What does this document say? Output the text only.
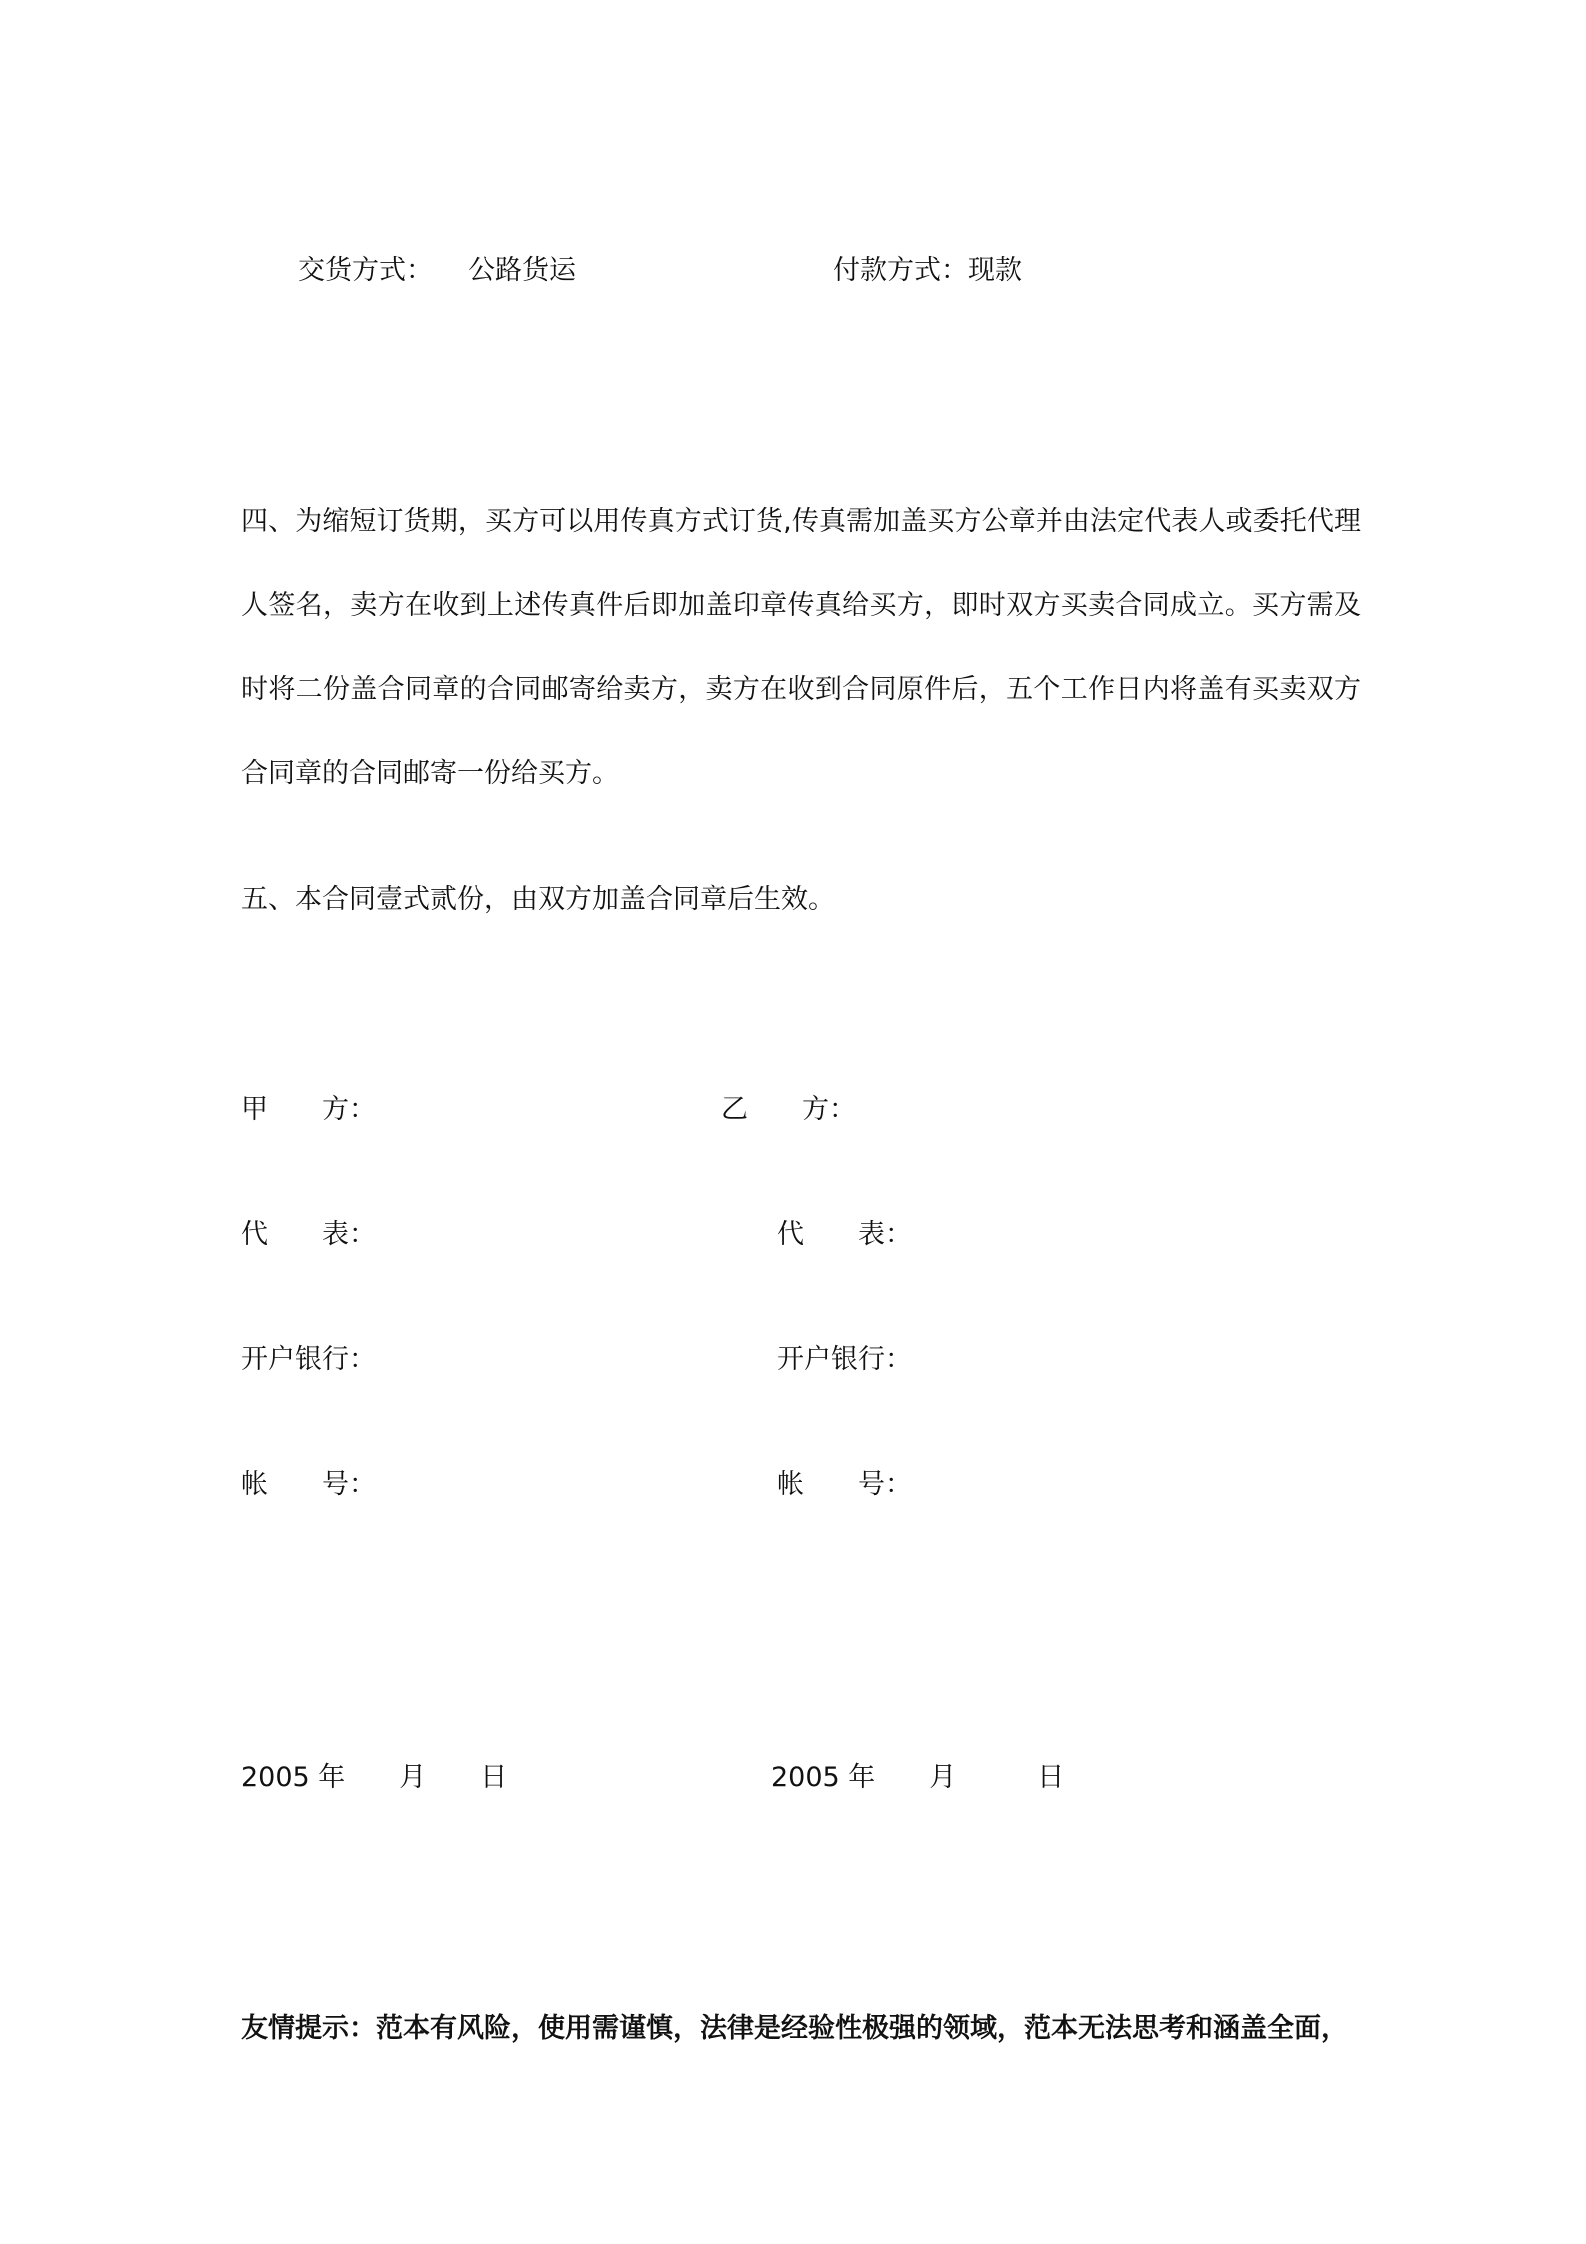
交货方式： 公路货运	付款方式：现款
四、为缩短订货期，买方可以用传真方式订货,传真需加盖买方公章并由法定代表人或委托代理人签名，卖方在收到上述传真件后即加盖印章传真给买方，即时双方买卖合同成立。买方需及时将二份盖合同章的合同邮寄给卖方，卖方在收到合同原件后，五个工作日内将盖有买卖双方合同章的合同邮寄一份给买方。
五、本合同壹式贰份，由双方加盖合同章后生效。
甲　　方：
代　　表：
开户银行：
帐　　号：
2005 年　　月　　日
乙　　方：
代　　表：
开户银行：
帐　　号：
2005 年　　月　　　日
友情提示：范本有风险，使用需谨慎，法律是经验性极强的领域，范本无法思考和涵盖全面，
